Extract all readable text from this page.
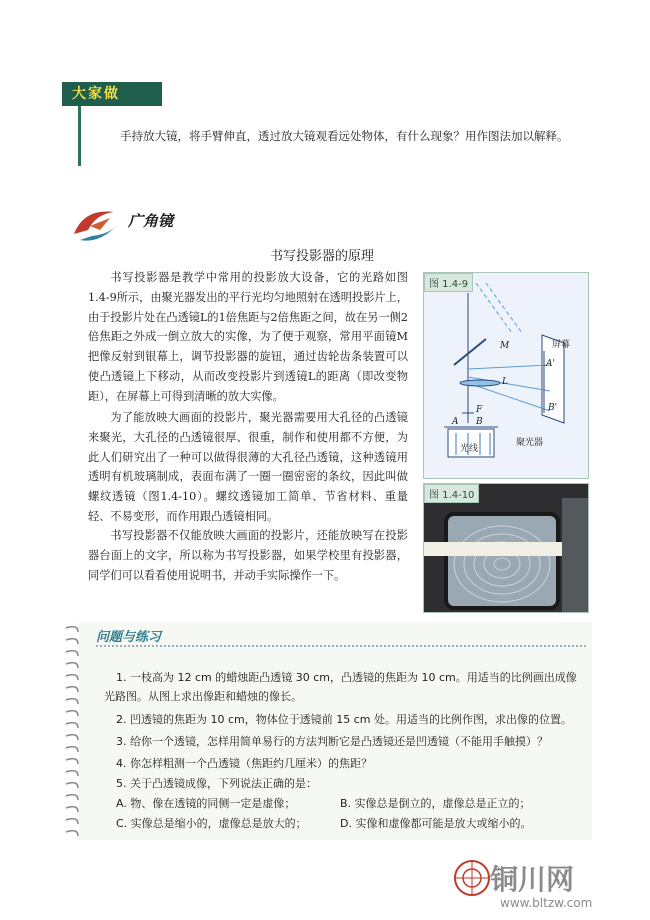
大家做
手持放大镜，将手臂伸直，透过放大镜观看远处物体，有什么现象？用作图法加以解释。
广角镜
书写投影器的原理
书写投影器是教学中常用的投影放大设备，它的光路如图1.4-9所示，由聚光器发出的平行光均匀地照射在透明投影片上，由于投影片处在凸透镜L的1倍焦距与2倍焦距之间，故在另一侧2倍焦距之外成一倒立放大的实像，为了便于观察，常用平面镜M把像反射到银幕上，调节投影器的旋钮，通过齿轮齿条装置可以使凸透镜上下移动，从而改变投影片到透镜L的距离（即改变物距），在屏幕上可得到清晰的放大实像。
为了能放映大画面的投影片，聚光器需要用大孔径的凸透镜来聚光，大孔径的凸透镜很厚、很重，制作和使用都不方便，为此人们研究出了一种可以做得很薄的大孔径凸透镜，这种透镜用透明有机玻璃制成，表面布满了一圈一圈密密的条纹，因此叫做螺纹透镜（图1.4-10）。螺纹透镜加工简单、节省材料、重量轻、不易变形，而作用跟凸透镜相同。
书写投影器不仅能放映大画面的投影片，还能放映写在投影器台面上的文字，所以称为书写投影器，如果学校里有投影器，同学们可以看看使用说明书，并动手实际操作一下。
图 1.4-9
M	屏幕
A'
L
B'
F
A B
光线
聚光器
图 1.4-10
问题与练习
1. 一枝高为 12 cm 的蜡烛距凸透镜 30 cm，凸透镜的焦距为 10 cm。用适当的比例画出成像
光路图。从图上求出像距和蜡烛的像长。
2. 凹透镜的焦距为 10 cm，物体位于透镜前 15 cm 处。用适当的比例作图，求出像的位置。
3. 给你一个透镜，怎样用简单易行的方法判断它是凸透镜还是凹透镜（不能用手触摸）？
4. 你怎样粗测一个凸透镜（焦距约几厘米）的焦距？
5. 关于凸透镜成像，下列说法正确的是：
A. 物、像在透镜的同侧一定是虚像；	B. 实像总是倒立的，虚像总是正立的；
C. 实像总是缩小的，虚像总是放大的；	D. 实像和虚像都可能是放大或缩小的。
铜川网
www.bltzw.com
